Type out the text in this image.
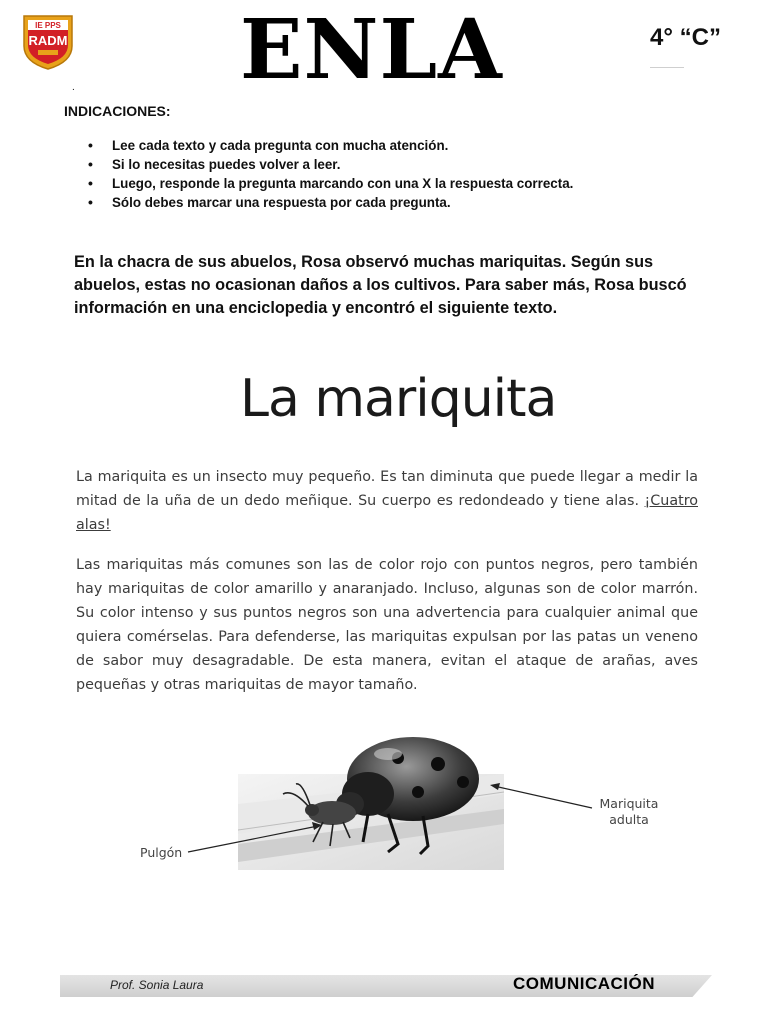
IE PPS
RADM ENLA	4° “C”
.
INDICACIONES:
• Lee cada texto y cada pregunta con mucha atención.
• Si lo necesitas puedes volver a leer.
• Luego, responde la pregunta marcando con una X la respuesta correcta.
• Sólo debes marcar una respuesta por cada pregunta.
En la chacra de sus abuelos, Rosa observó muchas mariquitas. Según sus abuelos, estas no ocasionan daños a los cultivos. Para saber más, Rosa buscó información en una enciclopedia y encontró el siguiente texto.
La mariquita

La mariquita es un insecto muy pequeño. Es tan diminuta que puede llegar a medir la mitad de la uña de un dedo meñique. Su cuerpo es redondeado y tiene alas. ¡Cuatro alas!

Las mariquitas más comunes son las de color rojo con puntos negros, pero también hay mariquitas de color amarillo y anaranjado. Incluso, algunas son de color marrón. Su color intenso y sus puntos negros son una advertencia para cualquier animal que quiera comérselas. Para defenderse, las mariquitas expulsan por las patas un veneno de sabor muy desagradable. De esta manera, evitan el ataque de arañas, aves pequeñas y otras mariquitas de mayor tamaño.

Mariquita
adulta
Pulgón
Prof. Sonia Laura	COMUNICACIÓN
